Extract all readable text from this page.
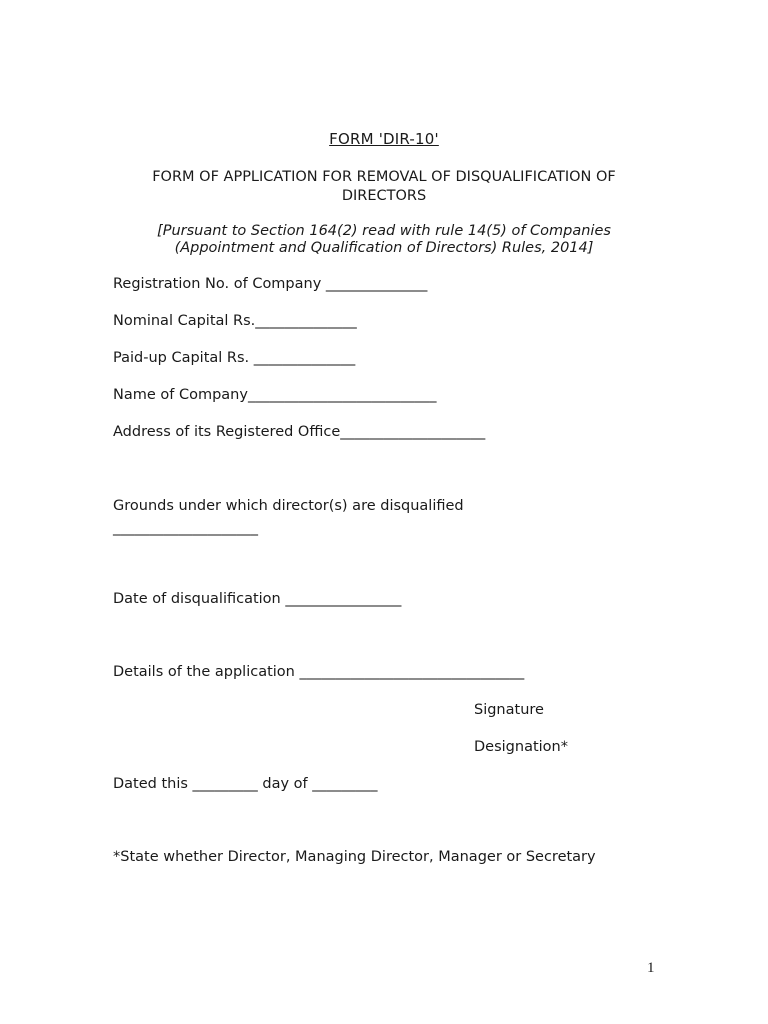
FORM 'DIR-10'
FORM OF APPLICATION FOR REMOVAL OF DISQUALIFICATION OF DIRECTORS
[Pursuant to Section 164(2) read with rule 14(5) of Companies (Appointment and Qualification of Directors) Rules, 2014]
Registration No. of Company ______________
Nominal Capital Rs.______________
Paid-up Capital Rs. ______________
Name of Company__________________________
Address of its Registered Office____________________
Grounds under which director(s) are disqualified ____________________
Date of disqualification ________________
Details of the application _______________________________
Signature
Designation*
Dated this _________ day of _________
*State whether Director, Managing Director, Manager or Secretary
1
